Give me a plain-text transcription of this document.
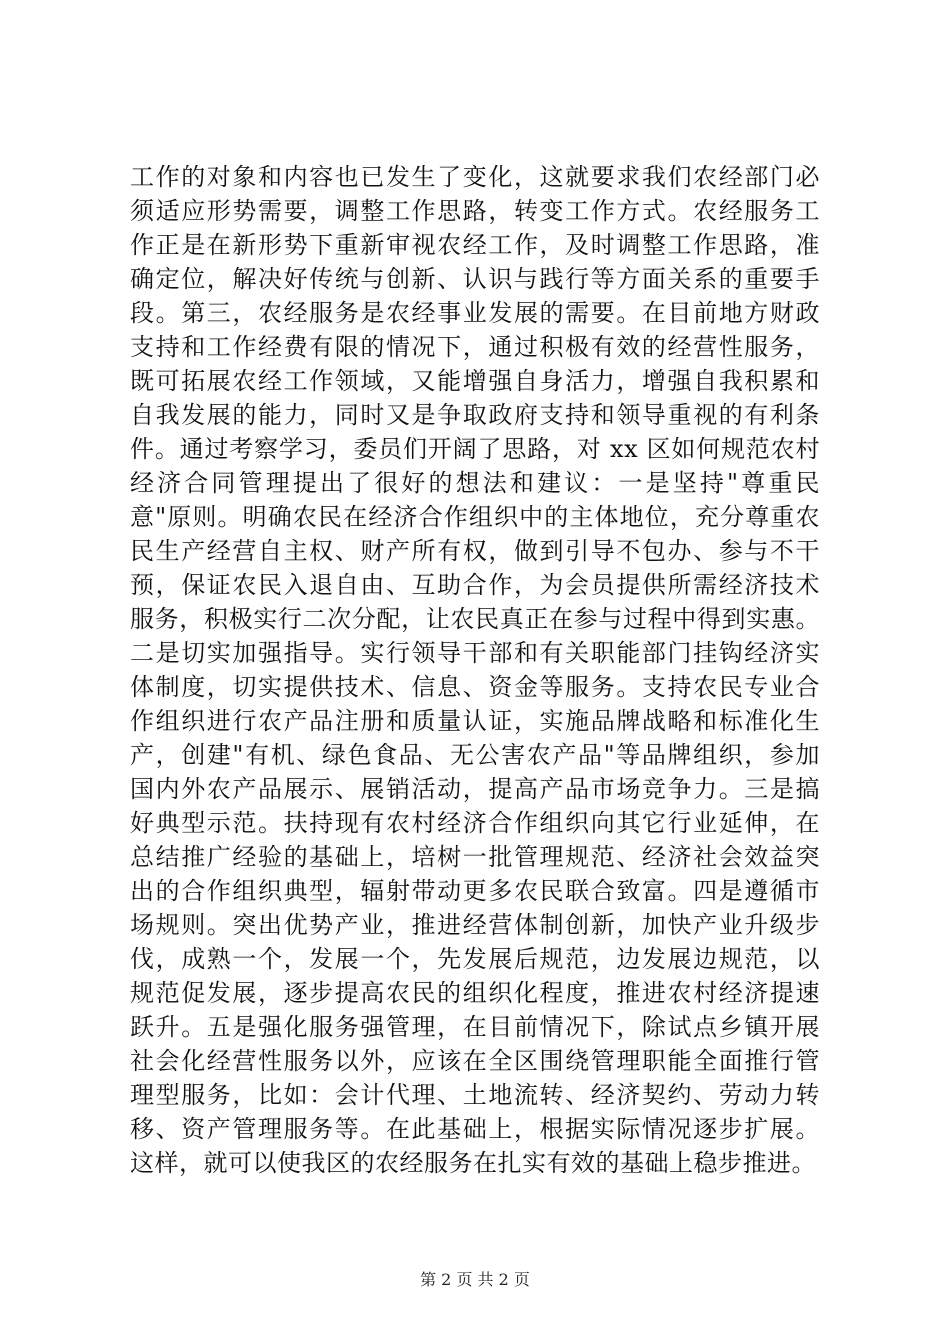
工作的对象和内容也已发生了变化，这就要求我们农经部门必
须适应形势需要，调整工作思路，转变工作方式。农经服务工
作正是在新形势下重新审视农经工作，及时调整工作思路，准
确定位，解决好传统与创新、认识与践行等方面关系的重要手
段。第三，农经服务是农经事业发展的需要。在目前地方财政
支持和工作经费有限的情况下，通过积极有效的经营性服务，
既可拓展农经工作领域，又能增强自身活力，增强自我积累和
自我发展的能力，同时又是争取政府支持和领导重视的有利条
件。通过考察学习，委员们开阔了思路，对 xx 区如何规范农村
经济合同管理提出了很好的想法和建议：一是坚持"尊重民
意"原则。明确农民在经济合作组织中的主体地位，充分尊重农
民生产经营自主权、财产所有权，做到引导不包办、参与不干
预，保证农民入退自由、互助合作，为会员提供所需经济技术
服务，积极实行二次分配，让农民真正在参与过程中得到实惠。
二是切实加强指导。实行领导干部和有关职能部门挂钩经济实
体制度，切实提供技术、信息、资金等服务。支持农民专业合
作组织进行农产品注册和质量认证，实施品牌战略和标准化生
产，创建"有机、绿色食品、无公害农产品"等品牌组织，参加
国内外农产品展示、展销活动，提高产品市场竞争力。三是搞
好典型示范。扶持现有农村经济合作组织向其它行业延伸，在
总结推广经验的基础上，培树一批管理规范、经济社会效益突
出的合作组织典型，辐射带动更多农民联合致富。四是遵循市
场规则。突出优势产业，推进经营体制创新，加快产业升级步
伐，成熟一个，发展一个，先发展后规范，边发展边规范，以
规范促发展，逐步提高农民的组织化程度，推进农村经济提速
跃升。五是强化服务强管理，在目前情况下，除试点乡镇开展
社会化经营性服务以外，应该在全区围绕管理职能全面推行管
理型服务，比如：会计代理、土地流转、经济契约、劳动力转
移、资产管理服务等。在此基础上，根据实际情况逐步扩展。
这样，就可以使我区的农经服务在扎实有效的基础上稳步推进。
第 2 页 共 2 页
